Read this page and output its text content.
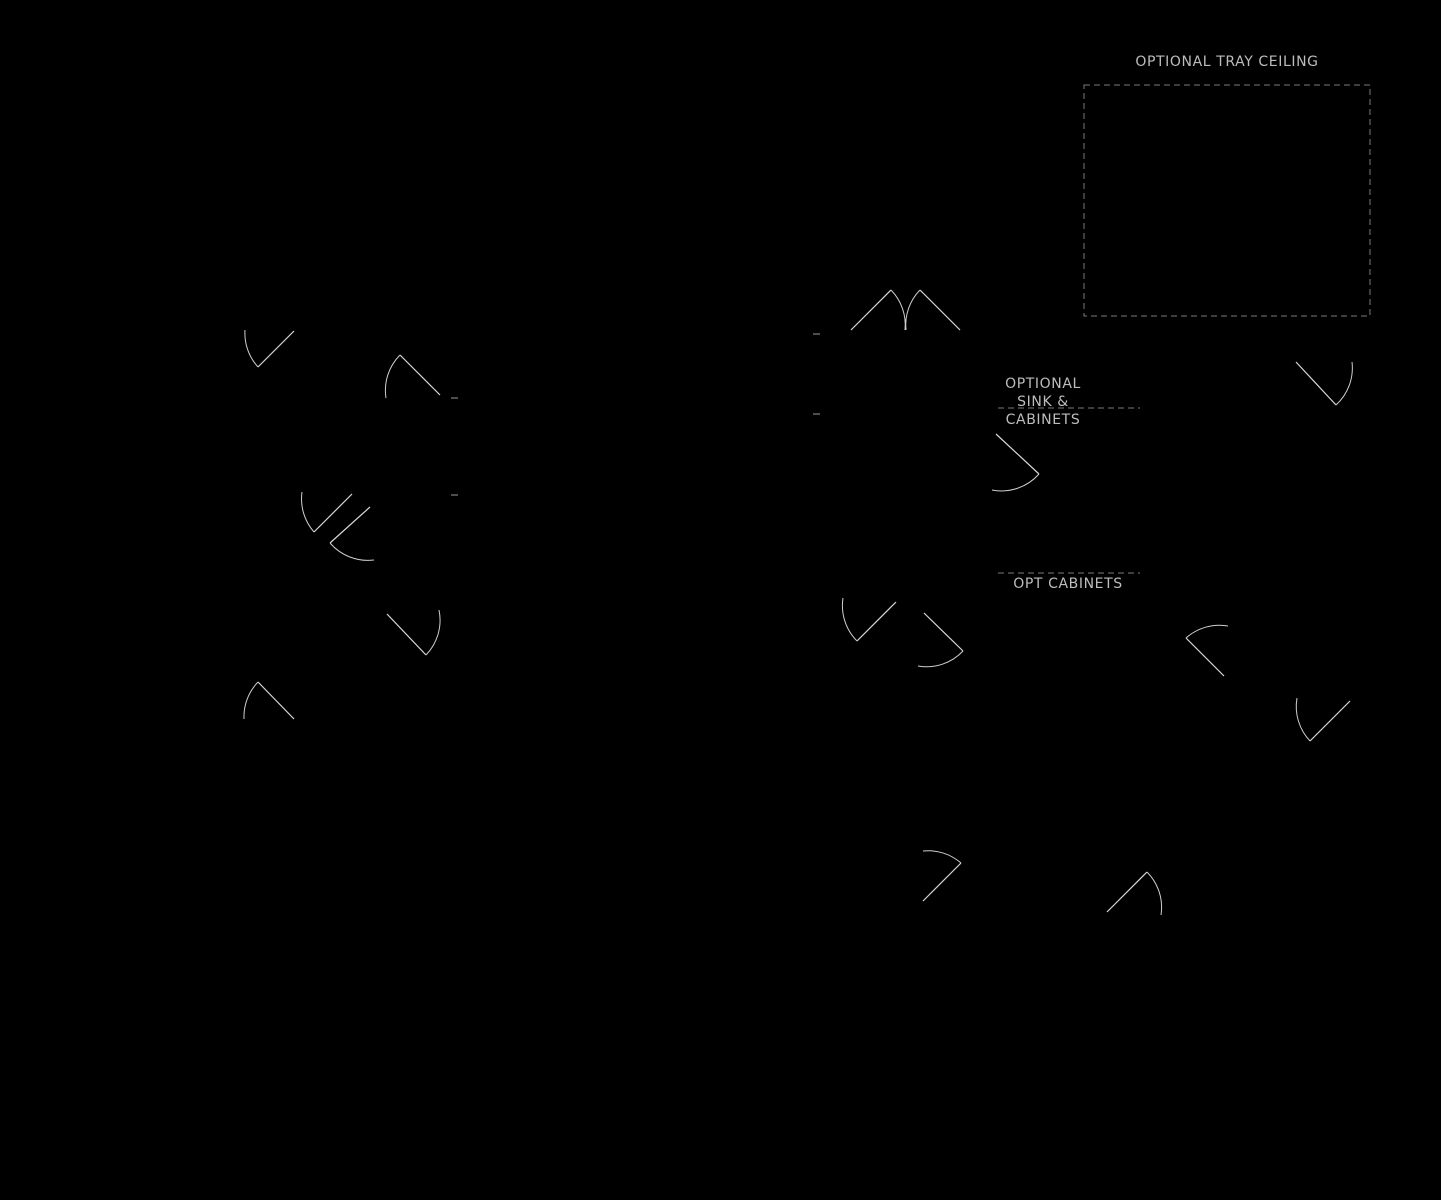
OPTIONAL TRAY CEILING
OPTIONAL
SINK &
CABINETS
OPT CABINETS
